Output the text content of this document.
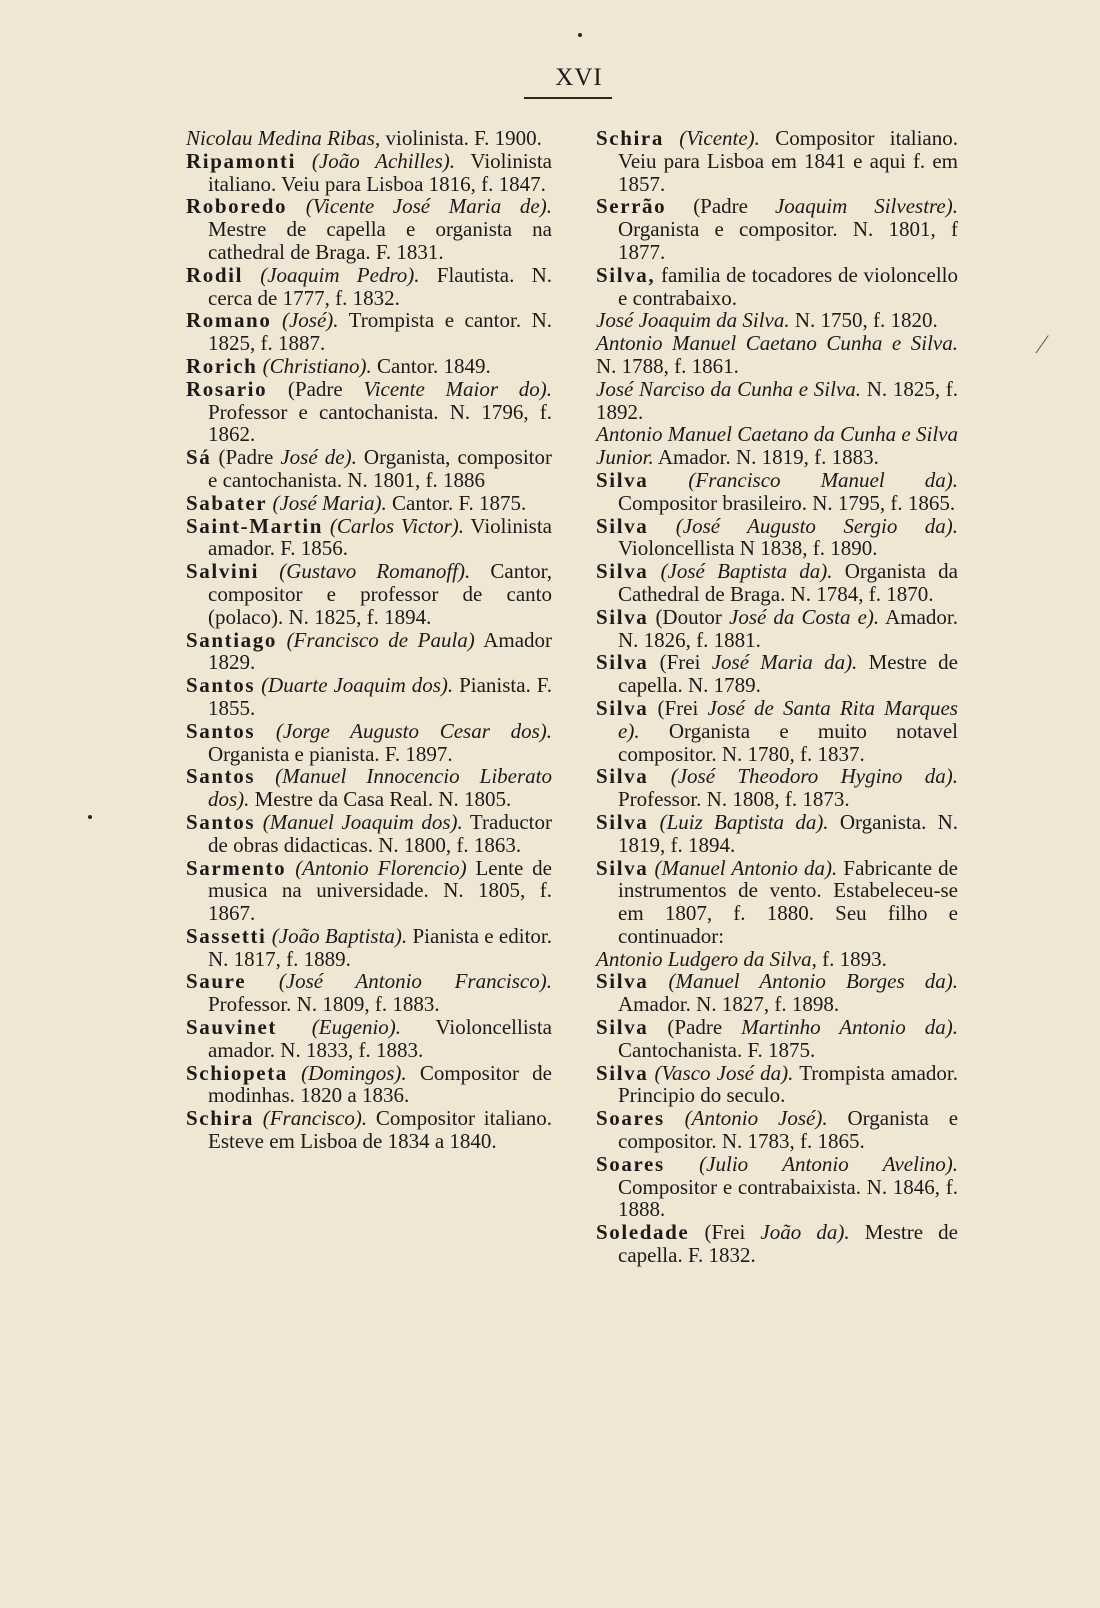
⁄
XVI
Nicolau Medina Ribas, violinista. F. 1900.
Ripamonti (João Achilles). Violinista italiano. Veiu para Lisboa 1816, f. 1847.
Roboredo (Vicente José Maria de). Mestre de capella e organista na cathedral de Braga. F. 1831.
Rodil (Joaquim Pedro). Flautista. N. cerca de 1777, f. 1832.
Romano (José). Trompista e cantor. N. 1825, f. 1887.
Rorich (Christiano). Cantor. 1849.
Rosario (Padre Vicente Maior do). Professor e cantochanista. N. 1796, f. 1862.
Sá (Padre José de). Organista, compositor e cantochanista. N. 1801, f. 1886
Sabater (José Maria). Cantor. F. 1875.
Saint-Martin (Carlos Victor). Violinista amador. F. 1856.
Salvini (Gustavo Romanoff). Cantor, compositor e professor de canto (polaco). N. 1825, f. 1894.
Santiago (Francisco de Paula) Amador 1829.
Santos (Duarte Joaquim dos). Pianista. F. 1855.
Santos (Jorge Augusto Cesar dos). Organista e pianista. F. 1897.
Santos (Manuel Innocencio Liberato dos). Mestre da Casa Real. N. 1805.
Santos (Manuel Joaquim dos). Traductor de obras didacticas. N. 1800, f. 1863.
Sarmento (Antonio Florencio) Lente de musica na universidade. N. 1805, f. 1867.
Sassetti (João Baptista). Pianista e editor. N. 1817, f. 1889.
Saure (José Antonio Francisco). Professor. N. 1809, f. 1883.
Sauvinet (Eugenio). Violoncellista amador. N. 1833, f. 1883.
Schiopeta (Domingos). Compositor de modinhas. 1820 a 1836.
Schira (Francisco). Compositor italiano. Esteve em Lisboa de 1834 a 1840.
Schira (Vicente). Compositor italiano. Veiu para Lisboa em 1841 e aqui f. em 1857.
Serrão (Padre Joaquim Silvestre). Organista e compositor. N. 1801, f 1877.
Silva, familia de tocadores de violoncello e contrabaixo.
José Joaquim da Silva. N. 1750, f. 1820.
Antonio Manuel Caetano Cunha e Silva. N. 1788, f. 1861.
José Narciso da Cunha e Silva. N. 1825, f. 1892.
Antonio Manuel Caetano da Cunha e Silva Junior. Amador. N. 1819, f. 1883.
Silva (Francisco Manuel da). Compositor brasileiro. N. 1795, f. 1865.
Silva (José Augusto Sergio da). Violoncellista N 1838, f. 1890.
Silva (José Baptista da). Organista da Cathedral de Braga. N. 1784, f. 1870.
Silva (Doutor José da Costa e). Amador. N. 1826, f. 1881.
Silva (Frei José Maria da). Mestre de capella. N. 1789.
Silva (Frei José de Santa Rita Marques e). Organista e muito notavel compositor. N. 1780, f. 1837.
Silva (José Theodoro Hygino da). Professor. N. 1808, f. 1873.
Silva (Luiz Baptista da). Organista. N. 1819, f. 1894.
Silva (Manuel Antonio da). Fabricante de instrumentos de vento. Estabeleceu-se em 1807, f. 1880. Seu filho e continuador:
Antonio Ludgero da Silva, f. 1893.
Silva (Manuel Antonio Borges da). Amador. N. 1827, f. 1898.
Silva (Padre Martinho Antonio da). Cantochanista. F. 1875.
Silva (Vasco José da). Trompista amador. Principio do seculo.
Soares (Antonio José). Organista e compositor. N. 1783, f. 1865.
Soares (Julio Antonio Avelino). Compositor e contrabaixista. N. 1846, f. 1888.
Soledade (Frei João da). Mestre de capella. F. 1832.
